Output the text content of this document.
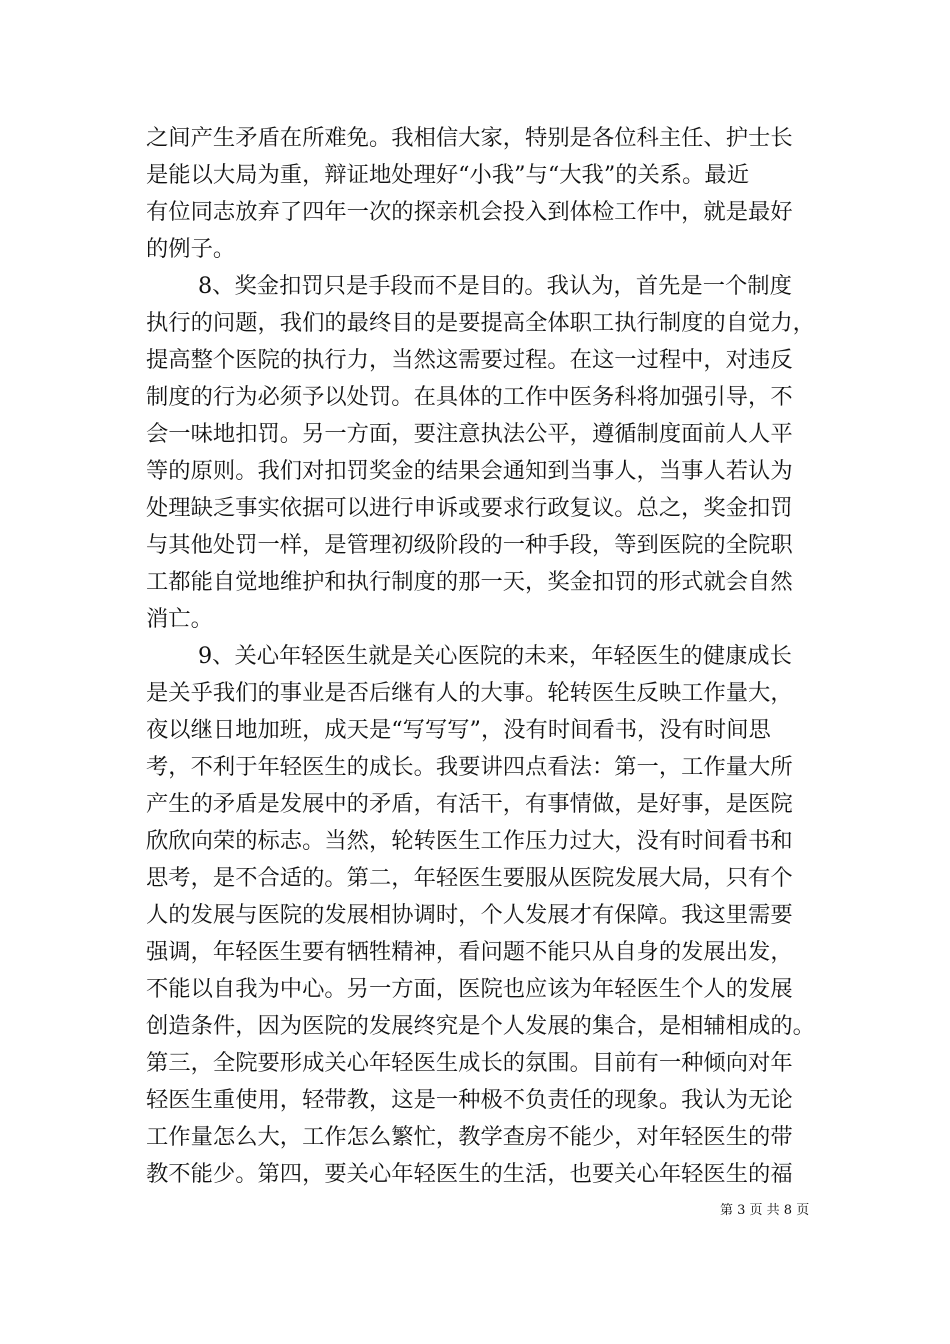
之间产生矛盾在所难免。我相信大家，特别是各位科主任、护士长
是能以大局为重，辩证地处理好“小我”与“大我”的关系。最近
有位同志放弃了四年一次的探亲机会投入到体检工作中，就是最好
的例子。
8、奖金扣罚只是手段而不是目的。我认为，首先是一个制度
执行的问题，我们的最终目的是要提高全体职工执行制度的自觉力，
提高整个医院的执行力，当然这需要过程。在这一过程中，对违反
制度的行为必须予以处罚。在具体的工作中医务科将加强引导，不
会一味地扣罚。另一方面，要注意执法公平，遵循制度面前人人平
等的原则。我们对扣罚奖金的结果会通知到当事人，当事人若认为
处理缺乏事实依据可以进行申诉或要求行政复议。总之，奖金扣罚
与其他处罚一样，是管理初级阶段的一种手段，等到医院的全院职
工都能自觉地维护和执行制度的那一天，奖金扣罚的形式就会自然
消亡。
9、关心年轻医生就是关心医院的未来，年轻医生的健康成长
是关乎我们的事业是否后继有人的大事。轮转医生反映工作量大，
夜以继日地加班，成天是“写写写”，没有时间看书，没有时间思
考，不利于年轻医生的成长。我要讲四点看法：第一，工作量大所
产生的矛盾是发展中的矛盾，有活干，有事情做，是好事，是医院
欣欣向荣的标志。当然，轮转医生工作压力过大，没有时间看书和
思考，是不合适的。第二，年轻医生要服从医院发展大局，只有个
人的发展与医院的发展相协调时，个人发展才有保障。我这里需要
强调，年轻医生要有牺牲精神，看问题不能只从自身的发展出发，
不能以自我为中心。另一方面，医院也应该为年轻医生个人的发展
创造条件，因为医院的发展终究是个人发展的集合，是相辅相成的。
第三，全院要形成关心年轻医生成长的氛围。目前有一种倾向对年
轻医生重使用，轻带教，这是一种极不负责任的现象。我认为无论
工作量怎么大，工作怎么繁忙，教学查房不能少，对年轻医生的带
教不能少。第四，要关心年轻医生的生活，也要关心年轻医生的福
第 3 页 共 8 页
